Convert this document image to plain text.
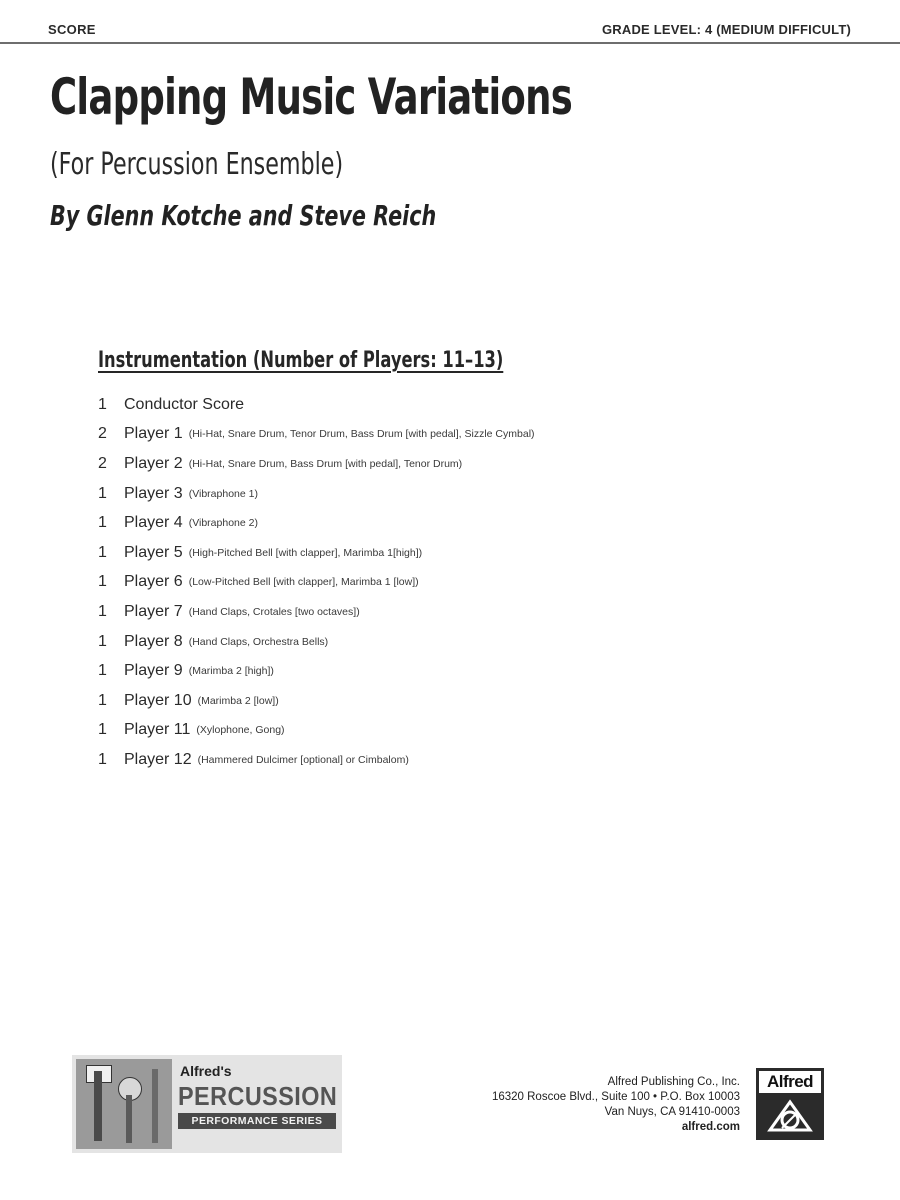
SCORE	GRADE LEVEL: 4 (MEDIUM DIFFICULT)
Clapping Music Variations
(For Percussion Ensemble)
By Glenn Kotche and Steve Reich
Instrumentation (Number of Players: 11–13)
1	Conductor Score
2	Player 1 (Hi-Hat, Snare Drum, Tenor Drum, Bass Drum [with pedal], Sizzle Cymbal)
2	Player 2 (Hi-Hat, Snare Drum, Bass Drum [with pedal], Tenor Drum)
1	Player 3 (Vibraphone 1)
1	Player 4 (Vibraphone 2)
1	Player 5 (High-Pitched Bell [with clapper], Marimba 1[high])
1	Player 6 (Low-Pitched Bell [with clapper], Marimba 1 [low])
1	Player 7 (Hand Claps, Crotales [two octaves])
1	Player 8 (Hand Claps, Orchestra Bells)
1	Player 9 (Marimba 2 [high])
1	Player 10 (Marimba 2 [low])
1	Player 11 (Xylophone, Gong)
1	Player 12 (Hammered Dulcimer [optional] or Cimbalom)
Alfred's
PERCUSSION
PERFORMANCE SERIES
Alfred Publishing Co., Inc.
16320 Roscoe Blvd., Suite 100 • P.O. Box 10003
Van Nuys, CA 91410-0003
alfred.com
Alfred
